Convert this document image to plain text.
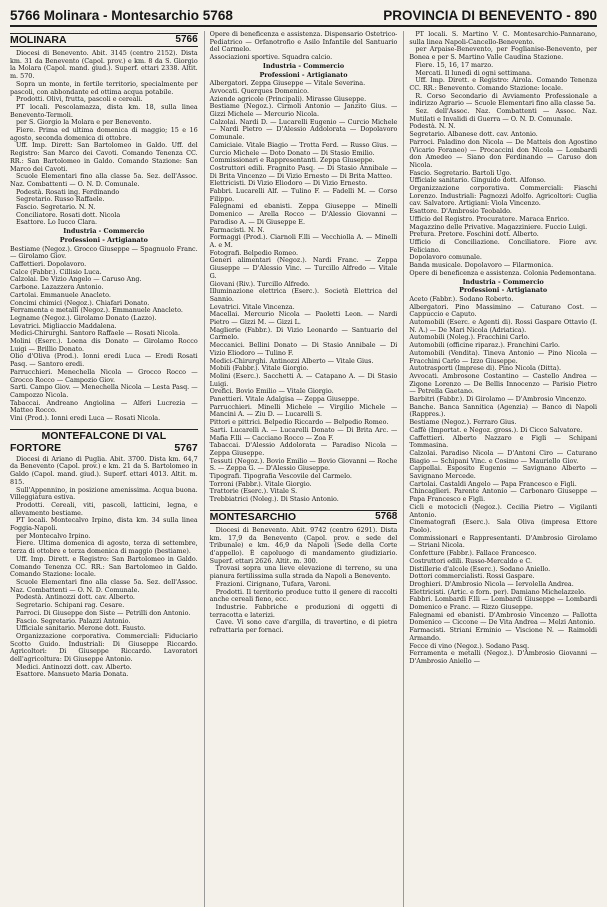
5766 Molinara - Montesarchio 5768	PROVINCIA DI BENEVENTO - 890
MOLINARA	5766
Diocesi di Benevento. Abit. 3145 (centro 2152). Dista km. 31 da Benevento (Capol. prov.) e km. 8 da S. Giorgio la Molara (Capol. mand. giud.). Superf. ettari 2338. Altit. m. 570.
Sopra un monte, in fertile territorio, specialmente per pascoli, con abbondante ed ottima acqua potabile.
Prodotti. Olivi, frutta, pascoli e cereali.
PT locali. Pescolamazza, dista km. 18, sulla linea Benevento-Termoli.
per S. Giorgio la Molara e per Benevento.
Fiere. Prima ed ultima domenica di maggio; 15 e 16 agosto, seconda domenica di ottobre.
Uff. Imp. Dirett: San Bartolomeo in Galdo. Uff. del Registro: San Marco dei Cavoti. Comando Tenenza CC. RR.: San Bartolomeo in Galdo. Comando Stazione: San Marco dei Cavoti.
Scuole Elementari fino alla classe 5a. Sez. dell'Assoc. Naz. Combattenti — O. N. D. Comunale.
Podestà. Rosati ing. Ferdinando
Segretario. Russo Raffaele.
Fascio. Segretario. N. N.
Conciliatore. Rosati dott. Nicola
Esattore. Lo Iucco Clara.
Industria - Commercio
Professioni - Artigianato
Bestiame (Negoz.). Grocco Giuseppe — Spagnuolo Franc. — Girolamo Giov.
Caffettieri. Dopolavoro.
Calce (Fabbr.). Cillisio Luca.
Calzolai. De Vizio Angelo — Caruso Ang.
Carbone. Lazazzera Antonio.
Cartolai. Emmanuele Anacleto.
Concimi chimici (Negoz.). Chiafari Donato.
Ferramenta e metalli (Negoz.). Emmanuele Anacleto.
Legname (Negoz.). Girolamo Donato (Lazzo).
Levatrici. Migliaccio Maddalena.
Medici-Chirurghi. Santoro Raffaele — Rosati Nicola.
Molini (Eserc.). Loena dis Donato — Girolamo Rocco Luigi — Brillio Donato.
Olio d'Oliva (Prod.). Ionni eredi Luca — Eredi Rosati Pasq. — Santoro eredi.
Parrucchieri. Menechella Nicola — Grocco Rocco — Grocco Rocco — Campozio Giov.
Sarti. Campo Giov. — Menechella Nicola — Lesta Pasq. — Campozzo Nicola.
Tabaccai. Andreano Angiolina — Alferi Lucrezia — Matteo Rocco.
Vini (Prod.). Ionni eredi Luca — Rosati Nicola.
MONTEFALCONE DI VAL
FORTORE	5767
Diocesi di Ariano di Puglia. Abit. 3700. Dista km. 64,7 da Benevento (Capol. prov.) e km. 21 da S. Bartolomeo in Galdo (Capol. mand. giud.). Superf. ettari 4013. Altit. m. 815.
Sull'Appennino, in posizione amenissima. Acqua buona. Villeggiatura estiva.
Prodotti. Cereali, viti, pascoli, latticini, legna, e allevamento bestiame.
PT locali. Montecalvo Irpino, dista km. 34 sulla linea Foggia-Napoli.
per Montecalvo Irpino.
Fiere. Ultima domenica di agosto, terza di settembre, terza di ottobre e terza domenica di maggio (bestiame).
Uff. Imp. Dirett. e Registro: San Bartolomeo in Galdo. Comando Tenenza CC. RR.: San Bartolomeo in Galdo. Comando Stazione: locale.
Scuole Elementari fino alla classe 5a. Sez. dell'Assoc. Naz. Combattenti — O. N. D. Comunale.
Podestà. Antinozzi dott. cav. Alberto.
Segretario. Schipani rag. Cesare.
Parroci. Di Giuseppe don Siste — Petrilli don Antonio.
Fascio. Segretario. Palazzi Antonio.
Ufficiale sanitario. Merone dott. Fausto.
Organizzazione corporativa. Commerciali: Fiduciario Scotto Guido. Industriali: Di Giuseppe Riccardo. Agricoltori: Di Giuseppe Riccardo. Lavoratori dell'agricoltura: Di Giuseppe Antonio.
Medici. Antinozzi dott. cav. Alberto.
Esattore. Mansueto Maria Donata.
Opere di beneficenza e assistenza. Dispensario Ostetrico-Pediatrico — Orfanotrofio e Asilo Infantile del Santuario del Carmelo.
Associazioni sportive. Squadra calcio.
Industria - Commercio
Professioni - Artigianato
Albergatori. Zeppa Giuseppe — Vitale Severina.
Avvocati. Querques Domenico.
Aziende agricole (Principali). Mirasse Giuseppe.
Bestiame (Negoz.). Cirmoli Antonio — Janzito Gius. — Gizzi Michele — Mercurio Nicola.
Calzolai. Nardi D. — Lucarelli Eugenio — Curcio Michele — Nardi Pietro — D'Alessio Addolorata — Dopolavoro Comunale.
Camiciaie. Vitale Biagio — Trotta Ferd. — Russo Gius. — Curcio Michele — Doto Donato — Di Stasio Emilio.
Commissionari e Rappresentanti. Zeppa Giuseppe.
Costruttori edili. Fragnito Pasq. — Di Stasio Annibale — Di Brita Vincenzo — Di Vizio Ernesto — Di Brita Matteo.
Elettricisti. Di Vizio Eliodoro — Di Vizio Ernesto.
Fabbri. Lucarelli Alf. — Tulino F. — Fadelli M. — Corso Filippo.
Falegnami ed ebanisti. Zeppa Giuseppe — Minelli Domenico — Arella Rocco — D'Alessio Giovanni — Paradiso A. — Di Giuseppe E.
Farmacisti. N. N.
Formaggi (Prod.). Ciarnoli F.lli — Vecchiolla A. — Minelli A. e M.
Fotografi. Belpedio Romeo.
Generi alimentari (Negoz.). Nardi Franc. — Zeppa Giuseppe — D'Alessio Vinc. — Turcillo Alfredo — Vitale G.
Giovani (Riv.). Turcillo Alfredo.
Illuminazione elettrica (Eserc.). Società Elettrica del Sannio.
Levatrici. Vitale Vincenza.
Macellai. Mercurio Nicola — Paoletti Leon. — Nardi Pietro — Gizzi M. — Gizzi L.
Maglierie (Fabbr.). Di Vizio Leonardo — Santuario del Carmelo.
Meccanici. Bellini Donato — Di Stasio Annibale — Di Vizio Eliodoro — Tulino F.
Medici-Chirurghi. Antinozzi Alberto — Vitale Gius.
Mobili (Fabbr.). Vitale Giorgio.
Molini (Eserc.). Sacchetti A. — Catapano A. — Di Stasio Luigi.
Orefici. Bovio Emilio — Vitale Giorgio.
Panettieri. Vitale Adalgisa — Zeppa Giuseppe.
Parrucchieri. Minelli Michele — Virgilio Michele — Mancini A. — Ziu D. — Lucarelli S.
Pittori e pittrici. Belpedio Riccardo — Belpedio Romeo.
Sarti. Lucarelli A. — Lucarelli Donato — Di Brita Arc. — Mafia F.lli — Cacciano Rocco — Zoa F.
Tabaccai. D'Alessio Addolorata — Paradiso Nicola — Zeppa Giuseppe.
Tessuti (Negoz.). Bovio Emilio — Bovio Giovanni — Roche S. — Zeppa G. — D'Alessio Giuseppe.
Tipografi. Tipografia Vescovile del Carmelo.
Torroni (Fabbr.). Vitale Giorgio.
Trattorie (Eserc.). Vitale S.
Trebbiatrici (Noleg.). Di Stasio Antonio.
MONTESARCHIO	5768
Diocesi di Benevento. Abit. 9742 (centro 6291). Dista km. 17,9 da Benevento (Capol. prov. e sede del Tribunale) e km. 46,9 da Napoli (Sede della Corte d'appello). È capoluogo di mandamento giudiziario. Superf. ettari 2626. Altit. m. 300.
Trovasi sopra una lieve elevazione di terreno, su una pianura fertilissima sulla strada da Napoli a Benevento.
Frazioni. Cirignano, Tufara, Varoni.
Prodotti. Il territorio produce tutto il genere di raccolti anche cereali fieno, ecc.
Industrie. Fabbriche e produzioni di oggetti di terracotta e laterizi.
Cave. Vi sono cave d'argilla, di travertino, e di pietra refrattaria per fornaci.
PT locali. S. Martino V. C. Montesarchio-Pannarano, sulla linea Napoli-Cancello-Benevento.
per Arpaise-Benevento, per Foglianise-Benevento, per Bonea e per S. Martino Valle Caudina Stazione.
Fiere. 15, 16, 17 marzo.
Mercati. Il lunedì di ogni settimana.
Uff. Imp. Dirett. e Registro: Airola. Comando Tenenza CC. RR.: Benevento. Comando Stazione: locale.
R. Corso Secondario di Avviamento Professionale a indirizzo Agrario — Scuole Elementari fino alla classe 5a.
Sez. dell'Assoc. Naz. Combattenti — Assoc. Naz. Mutilati e Invalidi di Guerra — O. N. D. Comunale.
Podestà. N. N.
Segretario. Albanese dott. cav. Antonio.
Parroci. Paladino don Nicola — De Matteis don Agostino (Vicario Foraneo) — Procaccini don Nicola — Lombardi don Amedeo — Siano don Ferdinando — Caruso don Nicola.
Fascio. Segretario. Bartoli Ugo.
Ufficiale sanitario. Ginguido dott. Alfonso.
Organizzazione corporativa. Commerciali: Fiaschi Lorenzo. Industriali: Pagnozzi Adolfo. Agricoltori: Cuglia cav. Salvatore. Artigiani: Viola Vincenzo.
Esattore. D'Ambrosio Teobaldo.
Ufficio del Registro. Procuratore. Maraca Enrico.
Magazzino delle Privative. Magazziniere. Fuccio Luigi.
Pretura. Pretore. Foschini dott. Alberto.
Ufficio di Conciliazione. Conciliatore. Fiore avv. Feliciano.
Dopolavoro comunale.
Banda musicale. Dopolavoro — Filarmonica.
Opere di beneficenza e assistenza. Colonia Pedemontana.
Industria - Commercio
Professioni - Artigianato
Aceto (Fabbr.). Sodano Roberto.
Albergatori. Pino Massimino — Caturano Cost. — Cappuccio e Caputo.
Automobili (Eserc. e Agenti di). Rossi Gaspare Ottavio (I. N. A.) — De Mari Nicola (Adriatica).
Automobili (Noleg.). Fracchini Carlo.
Automobili (officine riparaz.). Franchini Carlo.
Automobili (Vendita). Tineva Antonio — Pino Nicola — Fracchini Carlo — Izzo Giuseppe.
Autotrasporti (Imprese di). Pino Nicola (Ditta).
Avvocati. Ambrosone Costantino — Castello Andrea — Zigone Lorenzo — De Bellis Innocenzo — Parisio Pietro — Petrella Gaetano.
Barbitri (Fabbr.). Di Girolamo — D'Ambrosio Vincenzo.
Banche. Banca Sannitica (Agenzia) — Banco di Napoli (Rappres.).
Bestiame (Negoz.). Ferraro Gius.
Caffè (Importat. e Negoz. gross.). Di Cicco Salvatore.
Caffettieri. Alberto Nazzaro e Figli — Schipani Tommasina.
Calzolai. Paradiso Nicola — D'Antoni Ciro — Caturano Biagio — Schipani Vinc. e Cosimo — Mauriello Giov.
Cappellai. Esposito Eugenio — Savignano Alberto — Savignano Mercede.
Cartolai. Castaldi Angelo — Papa Francesco e Figli.
Chincaglieri. Parente Antonio — Carbonaro Giuseppe — Papa Francesco e Figli.
Cicli e motocicli (Negoz.). Cecilia Pietro — Vigilanti Antonio.
Cinematografi (Eserc.). Sala Oliva (impresa Ettore Paolo).
Commissionari e Rappresentanti. D'Ambrosio Girolamo — Striani Nicola.
Confetture (Fabbr.). Fallace Francesco.
Costruttori edili. Russo-Mercaldo e C.
Distillerie d'alcole (Eserc.). Sodano Aniello.
Dottori commercialisti. Rossi Gaspare.
Droghieri. D'Ambrosio Nicola — Iervolella Andrea.
Elettricisti. (Artic. e forn. per). Damiano Michelazzelo.
Fabbri. Lombardi F.lli — Lombardi Giuseppe — Lombardi Domenico e Franc. — Rizzo Giuseppe.
Falegnami ed ebanisti. D'Ambrosio Vincenzo — Pallotta Domenico — Ciccone — De Vita Andrea — Melzi Antonio.
Farmacisti. Striani Erminio — Viscione N. — Raimoldi Armando.
Fecce di vino (Negoz.). Sodano Pasq.
Ferramenta e metalli (Negoz.). D'Ambrosio Giovanni — D'Ambrosio Aniello —
